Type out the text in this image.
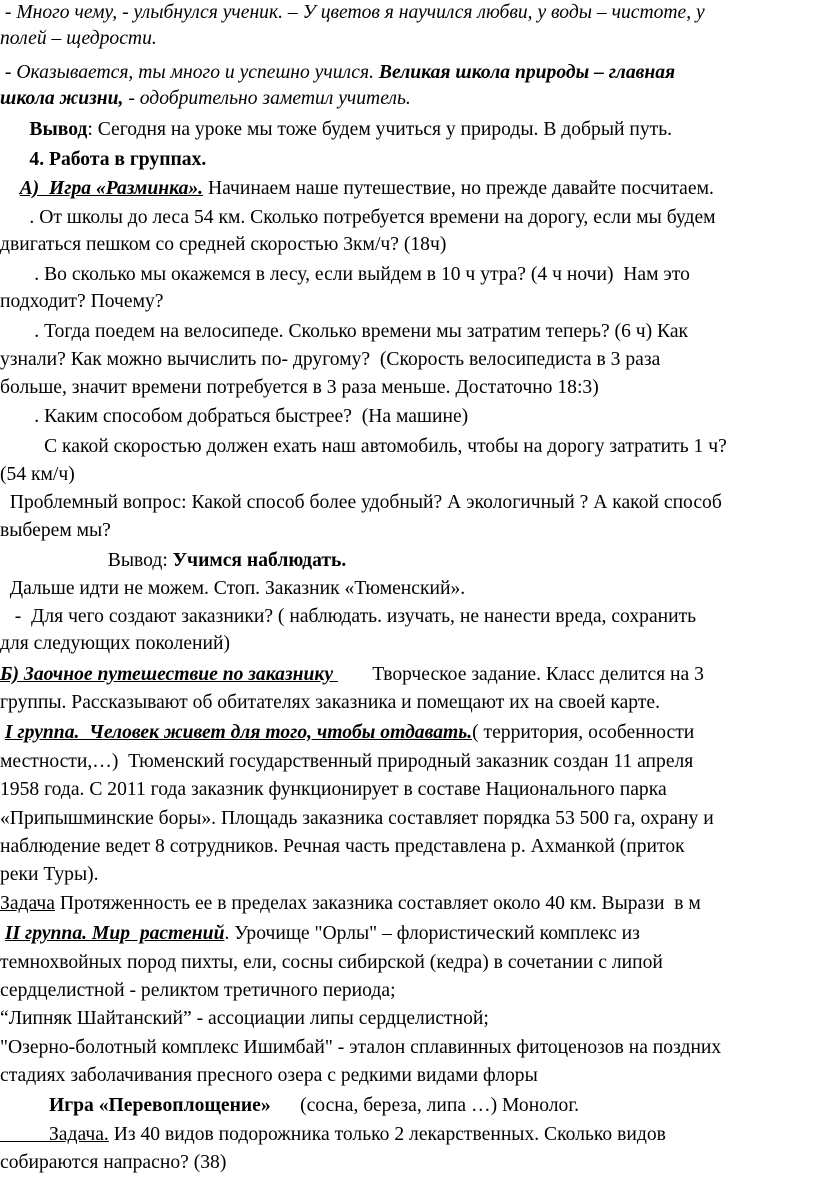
- Много чему, - улыбнулся ученик. – У цветов я научился любви, у воды – чистоте, у
полей – щедрости.
- Оказывается, ты много и успешно учился. Великая школа природы – главная
школа жизни, - одобрительно заметил учитель.
Вывод: Сегодня на уроке мы тоже будем учиться у природы. В добрый путь.
4. Работа в группах.
А)  Игра «Разминка». Начинаем наше путешествие, но прежде давайте посчитаем.
. От школы до леса 54 км. Сколько потребуется времени на дорогу, если мы будем
двигаться пешком со средней скоростью 3км/ч? (18ч)
. Во сколько мы окажемся в лесу, если выйдем в 10 ч утра? (4 ч ночи)  Нам это
подходит? Почему?
. Тогда поедем на велосипеде. Сколько времени мы затратим теперь? (6 ч) Как
узнали? Как можно вычислить по- другому?  (Скорость велосипедиста в 3 раза
больше, значит времени потребуется в 3 раза меньше. Достаточно 18:3)
. Каким способом добраться быстрее?  (На машине)
С какой скоростью должен ехать наш автомобиль, чтобы на дорогу затратить 1 ч?
(54 км/ч)
Проблемный вопрос: Какой способ более удобный? А экологичный ? А какой способ
выберем мы?
Вывод: Учимся наблюдать.
Дальше идти не можем. Стоп. Заказник «Тюменский».
-  Для чего создают заказники? ( наблюдать. изучать, не нанести вреда, сохранить
для следующих поколений)
Б) Заочное путешествие по заказнику        Творческое задание. Класс делится на 3
группы. Рассказывают об обитателях заказника и помещают их на своей карте.
I группа.  Человек живет для того, чтобы отдавать.( территория, особенности
местности,…)  Тюменский государственный природный заказник создан 11 апреля
1958 года. С 2011 года заказник функционирует в составе Национального парка
«Припышминские боры». Площадь заказника составляет порядка 53 500 га, охрану и
наблюдение ведет 8 сотрудников. Речная часть представлена р. Ахманкой (приток
реки Туры).
Задача Протяженность ее в пределах заказника составляет около 40 км. Вырази  в м
II группа. Мир  растений. Урочище "Орлы" – флористический комплекс из
темнохвойных пород пихты, ели, сосны сибирской (кедра) в сочетании с липой
сердцелистной - реликтом третичного периода;
“Липняк Шайтанский” - ассоциации липы сердцелистной;
"Озерно-болотный комплекс Ишимбай" - эталон сплавинных фитоценозов на поздних
стадиях заболачивания пресного озера с редкими видами флоры
Игра «Перевоплощение»      (сосна, береза, липа …) Монолог.
Задача. Из 40 видов подорожника только 2 лекарственных. Сколько видов
собираются напрасно? (38)
